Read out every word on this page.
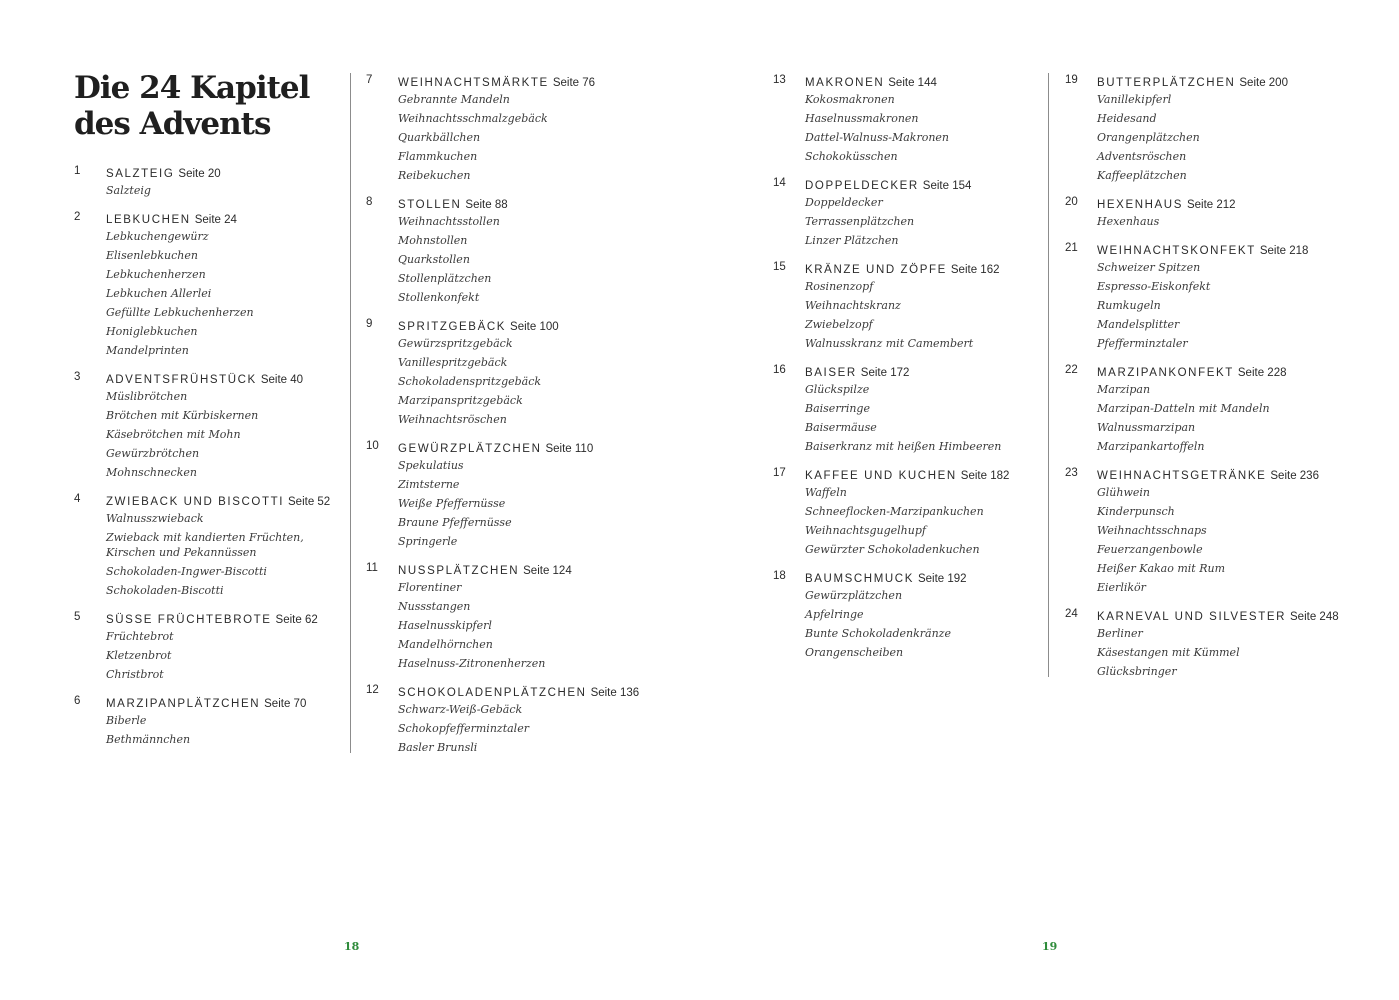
Die 24 Kapitel
des Advents
1 SALZTEIG Seite 20
Salzteig
2 LEBKUCHEN Seite 24
Lebkuchengewürz
Elisenlebkuchen
Lebkuchenherzen
Lebkuchen Allerlei
Gefüllte Lebkuchenherzen
Honiglebkuchen
Mandelprinten
3 ADVENTSFRÜHSTÜCK Seite 40
Müslibrötchen
Brötchen mit Kürbiskernen
Käsebrötchen mit Mohn
Gewürzbrötchen
Mohnschnecken
4 ZWIEBACK UND BISCOTTI Seite 52
Walnusszwieback
Zwieback mit kandierten Früchten, Kirschen und Pekannüssen
Schokoladen-Ingwer-Biscotti
Schokoladen-Biscotti
5 SÜSSE FRÜCHTEBROTE Seite 62
Früchtebrot
Kletzenbrot
Christbrot
6 MARZIPANPLÄTZCHEN Seite 70
Biberle
Bethmännchen
7 WEIHNACHTSMÄRKTE Seite 76
Gebrannte Mandeln
Weihnachtsschmalzgebäck
Quarkbällchen
Flammkuchen
Reibekuchen
8 STOLLEN Seite 88
Weihnachtsstollen
Mohnstollen
Quarkstollen
Stollenplätzchen
Stollenkonfekt
9 SPRITZGEBÄCK Seite 100
Gewürzspritzgebäck
Vanillespritzgebäck
Schokoladenspritzgebäck
Marzipanspritzgebäck
Weihnachtsröschen
10 GEWÜRZPLÄTZCHEN Seite 110
Spekulatius
Zimtsterne
Weiße Pfeffernüsse
Braune Pfeffernüsse
Springerle
11 NUSSPLÄTZCHEN Seite 124
Florentiner
Nussstangen
Haselnusskipferl
Mandelhörnchen
Haselnuss-Zitronenherzen
12 SCHOKOLADENPLÄTZCHEN Seite 136
Schwarz-Weiß-Gebäck
Schokopfefferminztaler
Basler Brunsli
13 MAKRONEN Seite 144
Kokosmakronen
Haselnussmakronen
Dattel-Walnuss-Makronen
Schokoküsschen
14 DOPPELDECKER Seite 154
Doppeldecker
Terrassenplätzchen
Linzer Plätzchen
15 KRÄNZE UND ZÖPFE Seite 162
Rosinenzopf
Weihnachtskranz
Zwiebelzopf
Walnusskranz mit Camembert
16 BAISER Seite 172
Glückspilze
Baiserringe
Baisermäuse
Baiserkranz mit heißen Himbeeren
17 KAFFEE UND KUCHEN Seite 182
Waffeln
Schneeflocken-Marzipankuchen
Weihnachtsgugelhupf
Gewürzter Schokoladenkuchen
18 BAUMSCHMUCK Seite 192
Gewürzplätzchen
Apfelringe
Bunte Schokoladenkränze
Orangenscheiben
19 BUTTERPLÄTZCHEN Seite 200
Vanillekipferl
Heidesand
Orangenplätzchen
Adventsröschen
Kaffeeplätzchen
20 HEXENHAUS Seite 212
Hexenhaus
21 WEIHNACHTSKONFEKT Seite 218
Schweizer Spitzen
Espresso-Eiskonfekt
Rumkugeln
Mandelsplitter
Pfefferminztaler
22 MARZIPANKONFEKT Seite 228
Marzipan
Marzipan-Datteln mit Mandeln
Walnussmarzipan
Marzipankartoffeln
23 WEIHNACHTSGETRÄNKE Seite 236
Glühwein
Kinderpunsch
Weihnachtsschnaps
Feuerzangenbowle
Heißer Kakao mit Rum
Eierlikör
24 KARNEVAL UND SILVESTER Seite 248
Berliner
Käsestangen mit Kümmel
Glücksbringer
18	19
